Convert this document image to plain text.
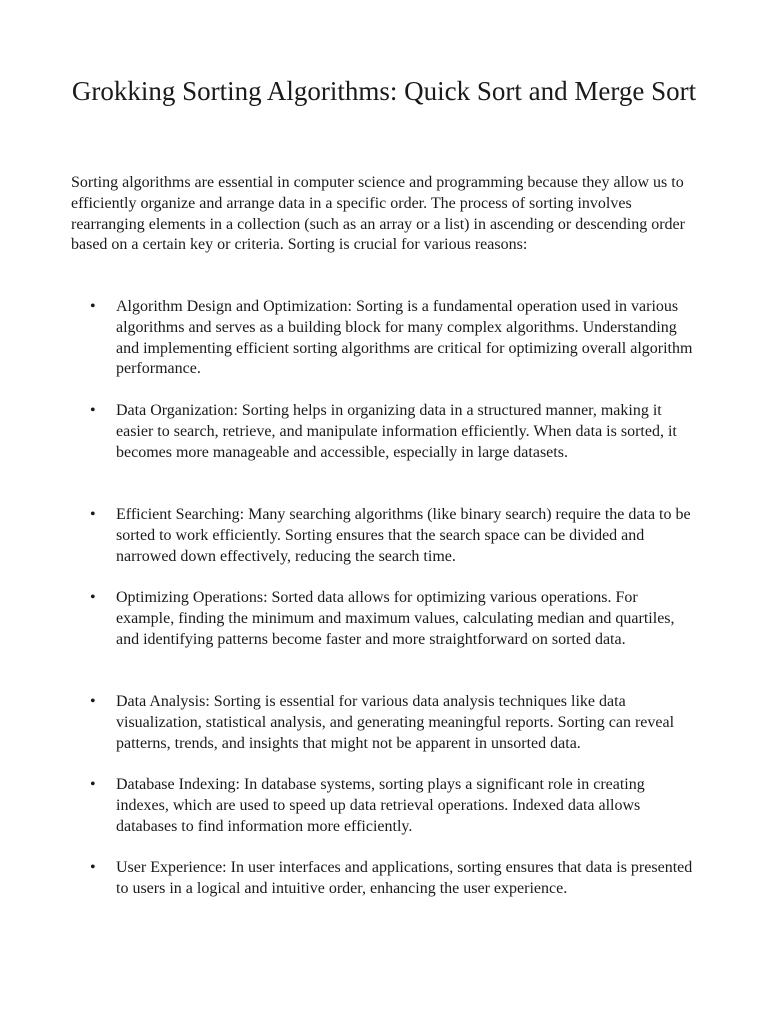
Grokking Sorting Algorithms: Quick Sort and Merge Sort

Sorting algorithms are essential in computer science and programming because they allow us to efficiently organize and arrange data in a specific order. The process of sorting involves rearranging elements in a collection (such as an array or a list) in ascending or descending order based on a certain key or criteria. Sorting is crucial for various reasons:

• Algorithm Design and Optimization: Sorting is a fundamental operation used in various algorithms and serves as a building block for many complex algorithms. Understanding and implementing efficient sorting algorithms are critical for optimizing overall algorithm performance.

• Data Organization: Sorting helps in organizing data in a structured manner, making it easier to search, retrieve, and manipulate information efficiently. When data is sorted, it becomes more manageable and accessible, especially in large datasets.

• Efficient Searching: Many searching algorithms (like binary search) require the data to be sorted to work efficiently. Sorting ensures that the search space can be divided and narrowed down effectively, reducing the search time.

• Optimizing Operations: Sorted data allows for optimizing various operations. For example, finding the minimum and maximum values, calculating median and quartiles, and identifying patterns become faster and more straightforward on sorted data.

• Data Analysis: Sorting is essential for various data analysis techniques like data visualization, statistical analysis, and generating meaningful reports. Sorting can reveal patterns, trends, and insights that might not be apparent in unsorted data.

• Database Indexing: In database systems, sorting plays a significant role in creating indexes, which are used to speed up data retrieval operations. Indexed data allows databases to find information more efficiently.

• User Experience: In user interfaces and applications, sorting ensures that data is presented to users in a logical and intuitive order, enhancing the user experience.
